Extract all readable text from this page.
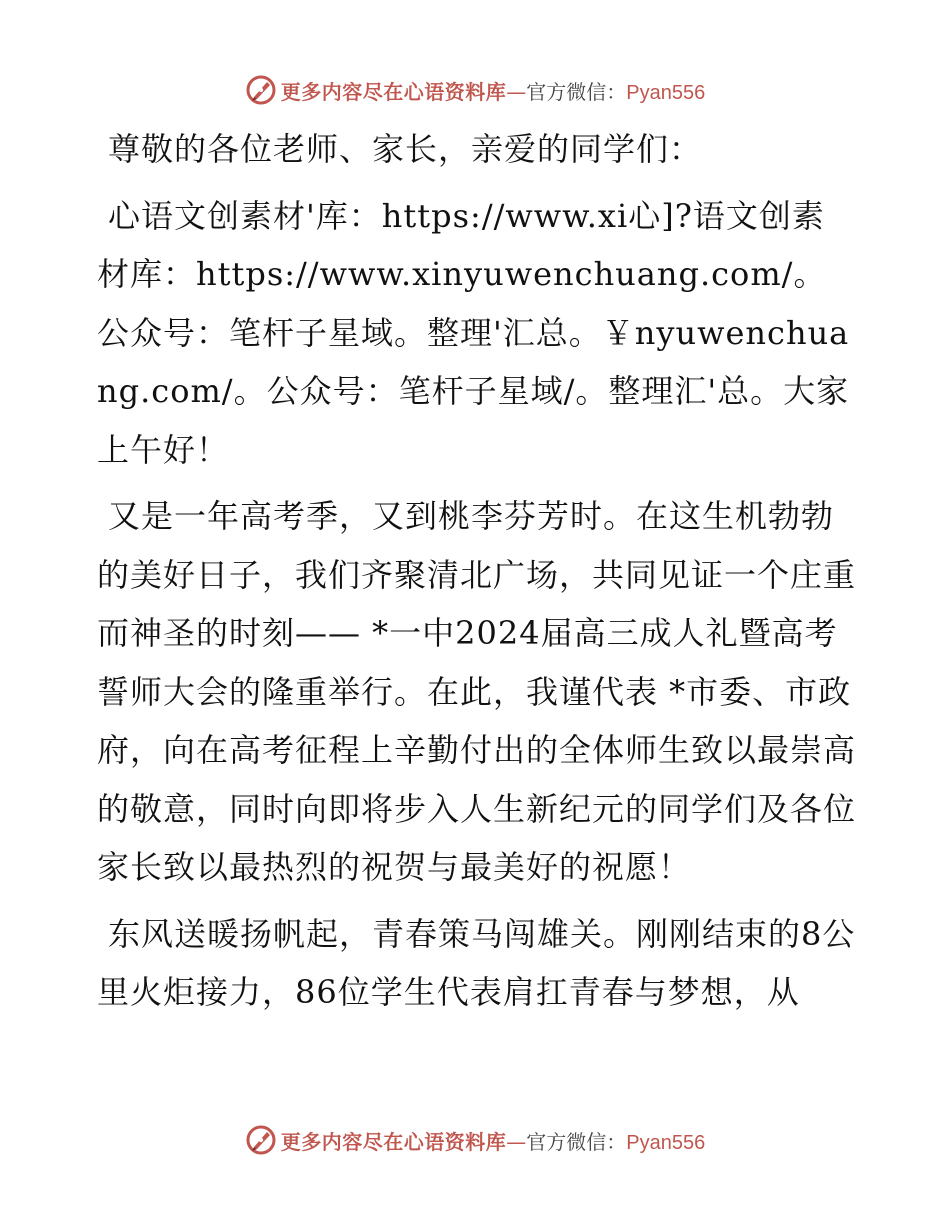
更多内容尽在心语资料库 — 官方微信： Pyan556

尊敬的各位老师、家长，亲爱的同学们：

心语文创素材'库：https://www.xi心]?语文创素材库：https://www.xinyuwenchuang.com/。公众号：笔杆子星域。整理'汇总。￥nyuwenchuang.com/。公众号：笔杆子星域/。整理汇'总。大家上午好！

又是一年高考季，又到桃李芬芳时。在这生机勃勃的美好日子，我们齐聚清北广场，共同见证一个庄重而神圣的时刻—— *一中2024届高三成人礼暨高考誓师大会的隆重举行。在此，我谨代表 *市委、市政府，向在高考征程上辛勤付出的全体师生致以最崇高的敬意，同时向即将步入人生新纪元的同学们及各位家长致以最热烈的祝贺与最美好的祝愿！

东风送暖扬帆起，青春策马闯雄关。刚刚结束的8公里火炬接力，86位学生代表肩扛青春与梦想，从

更多内容尽在心语资料库 — 官方微信： Pyan556
